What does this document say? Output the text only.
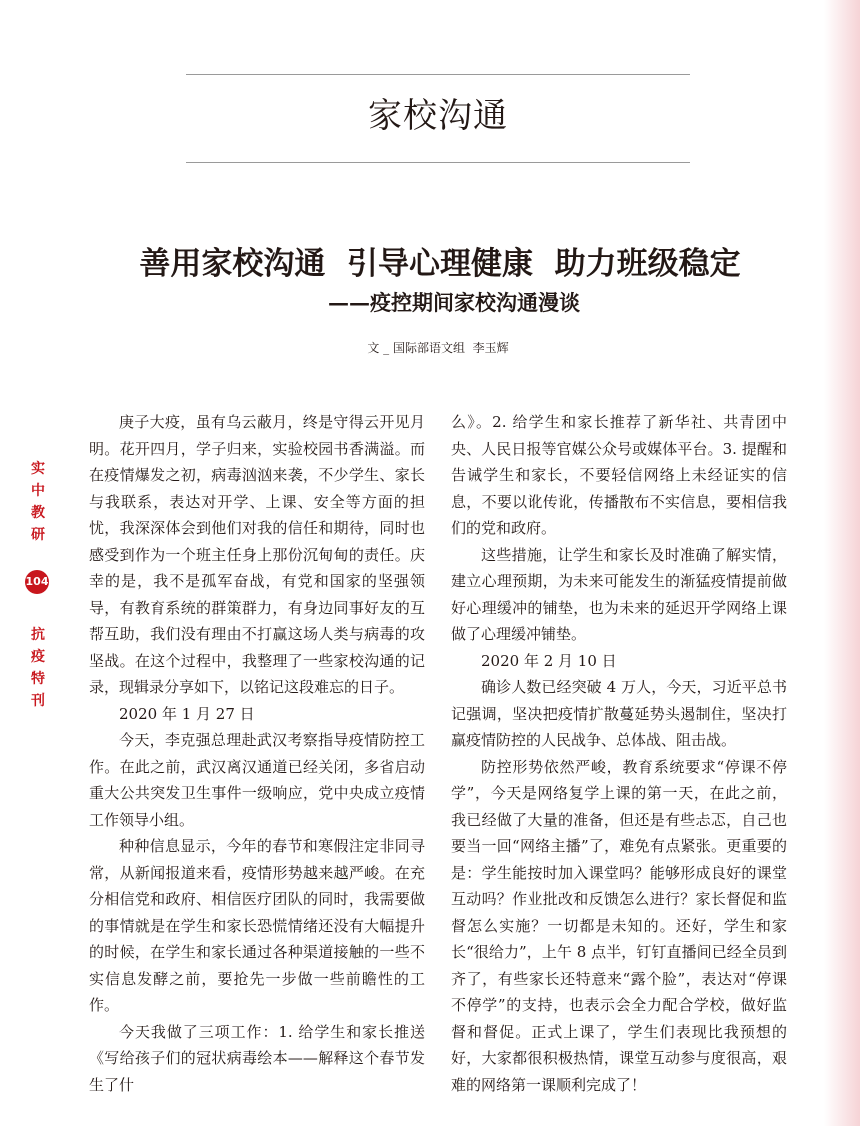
家校沟通
善用家校沟通  引导心理健康  助力班级稳定
——疫控期间家校沟通漫谈
文 _ 国际部语文组  李玉辉
实
中
教
研
104
抗
疫
特
刊

庚子大疫，虽有乌云蔽月，终是守得云开见月明。花开四月，学子归来，实验校园书香满溢。而在疫情爆发之初，病毒汹汹来袭，不少学生、家长与我联系，表达对开学、上课、安全等方面的担忧，我深深体会到他们对我的信任和期待，同时也感受到作为一个班主任身上那份沉甸甸的责任。庆幸的是，我不是孤军奋战，有党和国家的坚强领导，有教育系统的群策群力，有身边同事好友的互帮互助，我们没有理由不打赢这场人类与病毒的攻坚战。在这个过程中，我整理了一些家校沟通的记录，现辑录分享如下，以铭记这段难忘的日子。

2020 年 1 月 27 日

今天，李克强总理赴武汉考察指导疫情防控工作。在此之前，武汉离汉通道已经关闭，多省启动重大公共突发卫生事件一级响应，党中央成立疫情工作领导小组。

种种信息显示，今年的春节和寒假注定非同寻常，从新闻报道来看，疫情形势越来越严峻。在充分相信党和政府、相信医疗团队的同时，我需要做的事情就是在学生和家长恐慌情绪还没有大幅提升的时候，在学生和家长通过各种渠道接触的一些不实信息发酵之前，要抢先一步做一些前瞻性的工作。

今天我做了三项工作：1. 给学生和家长推送《写给孩子们的冠状病毒绘本——解释这个春节发生了什

么》。2. 给学生和家长推荐了新华社、共青团中央、人民日报等官媒公众号或媒体平台。3. 提醒和告诫学生和家长，不要轻信网络上未经证实的信息，不要以讹传讹，传播散布不实信息，要相信我们的党和政府。

这些措施，让学生和家长及时准确了解实情，建立心理预期，为未来可能发生的渐猛疫情提前做好心理缓冲的铺垫，也为未来的延迟开学网络上课做了心理缓冲铺垫。

2020 年 2 月 10 日

确诊人数已经突破 4 万人，今天，习近平总书记强调，坚决把疫情扩散蔓延势头遏制住，坚决打赢疫情防控的人民战争、总体战、阻击战。

防控形势依然严峻，教育系统要求“停课不停学”，今天是网络复学上课的第一天，在此之前，我已经做了大量的准备，但还是有些忐忑，自己也要当一回“网络主播”了，难免有点紧张。更重要的是：学生能按时加入课堂吗？能够形成良好的课堂互动吗？作业批改和反馈怎么进行？家长督促和监督怎么实施？一切都是未知的。还好，学生和家长“很给力”，上午 8 点半，钉钉直播间已经全员到齐了，有些家长还特意来“露个脸”，表达对“停课不停学”的支持，也表示会全力配合学校，做好监督和督促。正式上课了，学生们表现比我预想的好，大家都很积极热情，课堂互动参与度很高，艰难的网络第一课顺利完成了！
